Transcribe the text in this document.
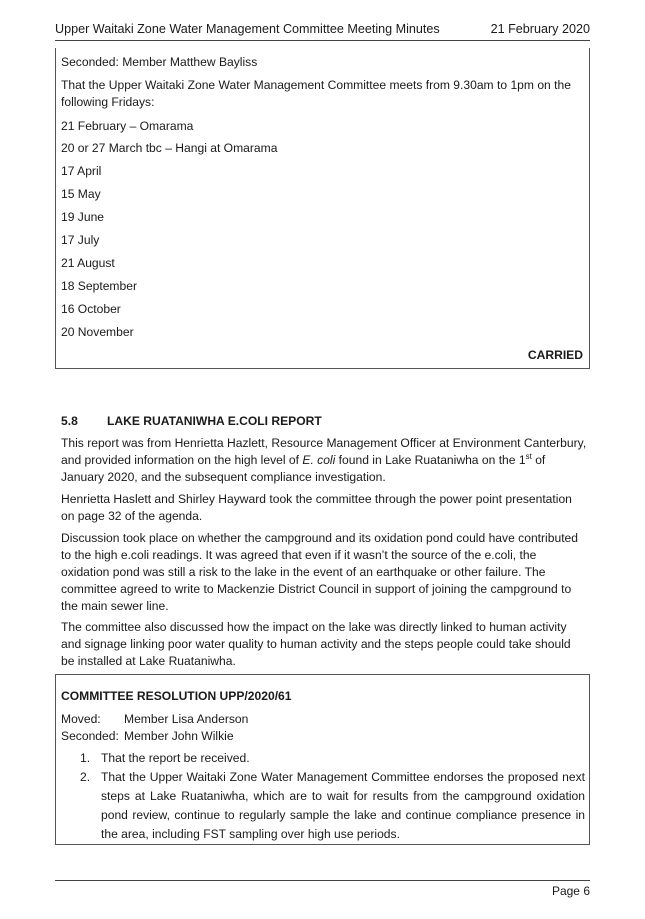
Upper Waitaki Zone Water Management Committee Meeting Minutes	21 February 2020
Seconded: Member Matthew Bayliss
That the Upper Waitaki Zone Water Management Committee meets from 9.30am to 1pm on the following Fridays:
21 February – Omarama
20 or 27 March tbc – Hangi at Omarama
17 April
15 May
19 June
17 July
21 August
18 September
16 October
20 November
CARRIED
5.8 LAKE RUATANIWHA E.COLI REPORT
This report was from Henrietta Hazlett, Resource Management Officer at Environment Canterbury, and provided information on the high level of E. coli found in Lake Ruataniwha on the 1st of January 2020, and the subsequent compliance investigation.
Henrietta Haslett and Shirley Hayward took the committee through the power point presentation on page 32 of the agenda.
Discussion took place on whether the campground and its oxidation pond could have contributed to the high e.coli readings. It was agreed that even if it wasn’t the source of the e.coli, the oxidation pond was still a risk to the lake in the event of an earthquake or other failure. The committee agreed to write to Mackenzie District Council in support of joining the campground to the main sewer line.
The committee also discussed how the impact on the lake was directly linked to human activity and signage linking poor water quality to human activity and the steps people could take should be installed at Lake Ruataniwha.
COMMITTEE RESOLUTION UPP/2020/61
Moved: Member Lisa Anderson
Seconded: Member John Wilkie
1. That the report be received.
2. That the Upper Waitaki Zone Water Management Committee endorses the proposed next steps at Lake Ruataniwha, which are to wait for results from the campground oxidation pond review, continue to regularly sample the lake and continue compliance presence in the area, including FST sampling over high use periods.
Page 6
